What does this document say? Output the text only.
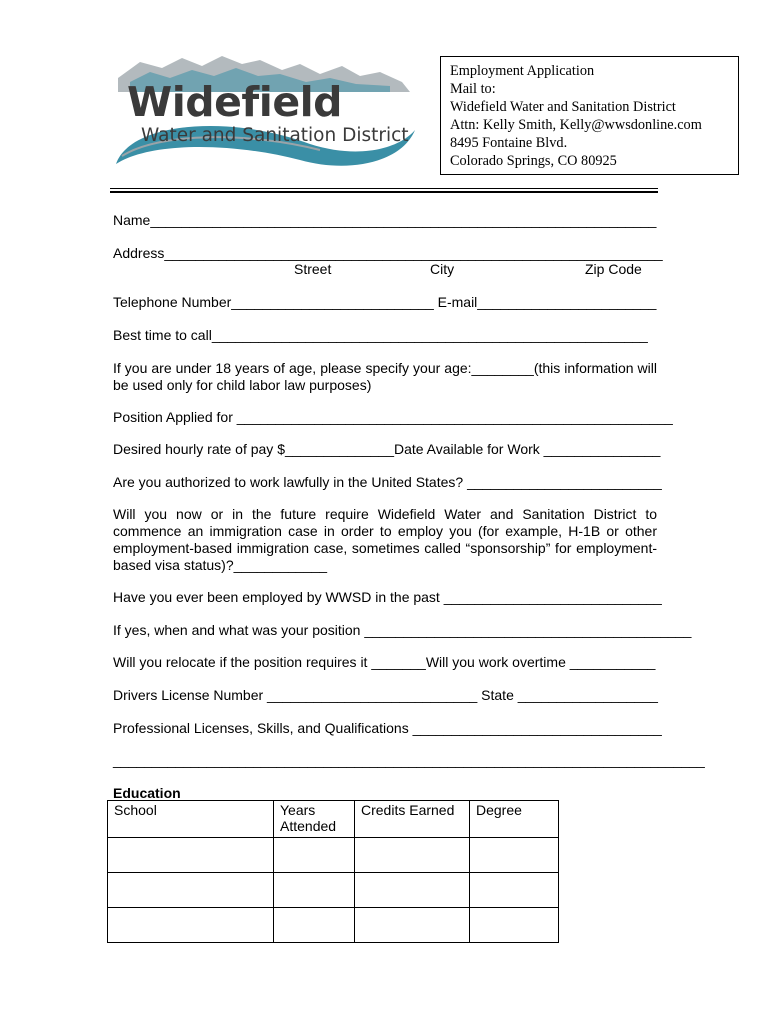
Widefield
Water and Sanitation District
Employment Application
Mail to:
Widefield Water and Sanitation District
Attn: Kelly Smith, Kelly@wwsdonline.com
8495 Fontaine Blvd.
Colorado Springs, CO 80925
Name_________________________________________________________________
Address________________________________________________________________
Street	City	Zip Code
Telephone Number__________________________ E-mail_______________________
Best time to call________________________________________________________
If you are under 18 years of age, please specify your age:________(this information will be used only for child labor law purposes)
Position Applied for ________________________________________________________
Desired hourly rate of pay $______________Date Available for Work _______________
Are you authorized to work lawfully in the United States? _________________________
Will you now or in the future require Widefield Water and Sanitation District to commence an immigration case in order to employ you (for example, H-1B or other employment-based immigration case, sometimes called “sponsorship” for employment-based visa status)?____________
Have you ever been employed by WWSD in the past ____________________________
If yes, when and what was your position __________________________________________
Will you relocate if the position requires it _______Will you work overtime ___________
Drivers License Number ___________________________ State __________________
Professional Licenses, Skills, and Qualifications ________________________________
____________________________________________________________________________
Education
School	Years Attended	Credits Earned	Degree
